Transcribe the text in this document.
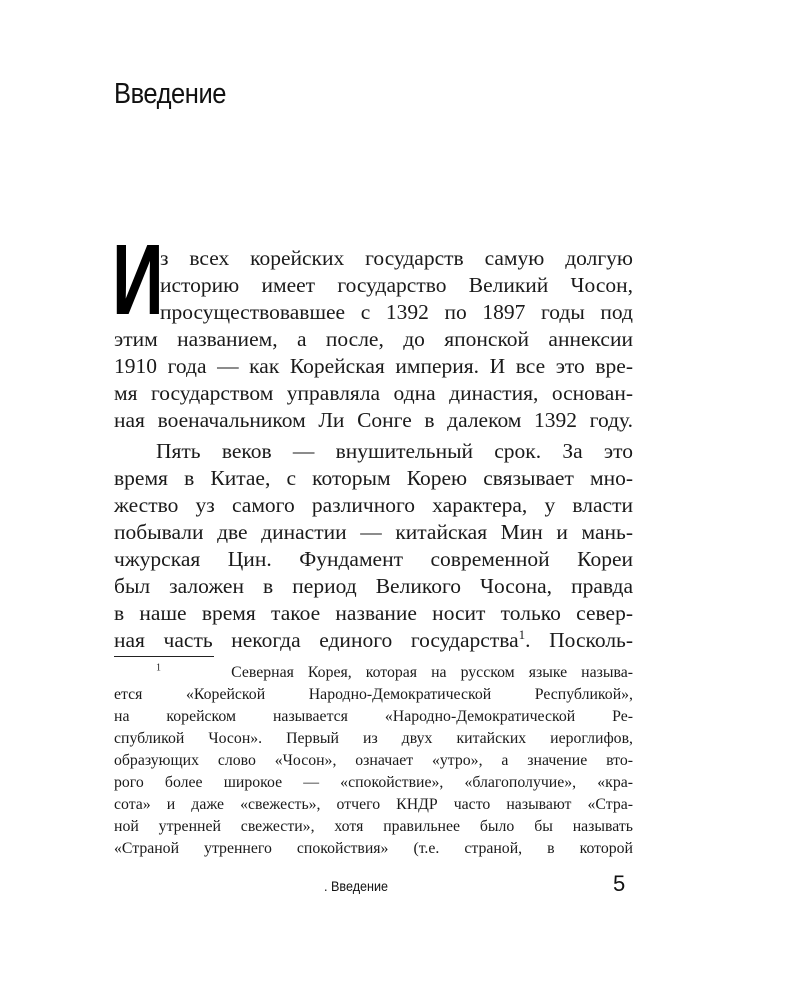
Введение
И
з всех корейских государств самую долгую
историю имеет государство Великий Чосон,
просуществовавшее с 1392 по 1897 годы под
этим названием, а после, до японской аннексии
1910 года — как Корейская империя. И все это вре-
мя государством управляла одна династия, основан-
ная военачальником Ли Сонге в далеком 1392 году.
Пять веков — внушительный срок. За это
время в Китае, с которым Корею связывает мно-
жество уз самого различного характера, у власти
побывали две династии — китайская Мин и мань-
чжурская Цин. Фундамент современной Кореи
был заложен в период Великого Чосона, правда
в наше время такое название носит только север-
ная часть некогда единого государства$^1$. Посколь-
$^1$	Северная Корея, которая на русском языке называ-
ется «Корейской Народно-Демократической Республикой»,
на корейском называется «Народно-Демократической Ре-
спубликой Чосон». Первый из двух китайских иероглифов,
образующих слово «Чосон», означает «утро», а значение вто-
рого более широкое — «спокойствие», «благополучие», «кра-
сота» и даже «свежесть», отчего КНДР часто называют «Стра-
ной утренней свежести», хотя правильнее было бы называть
«Страной утреннего спокойствия» (т.е. страной, в которой
. Введение	5
